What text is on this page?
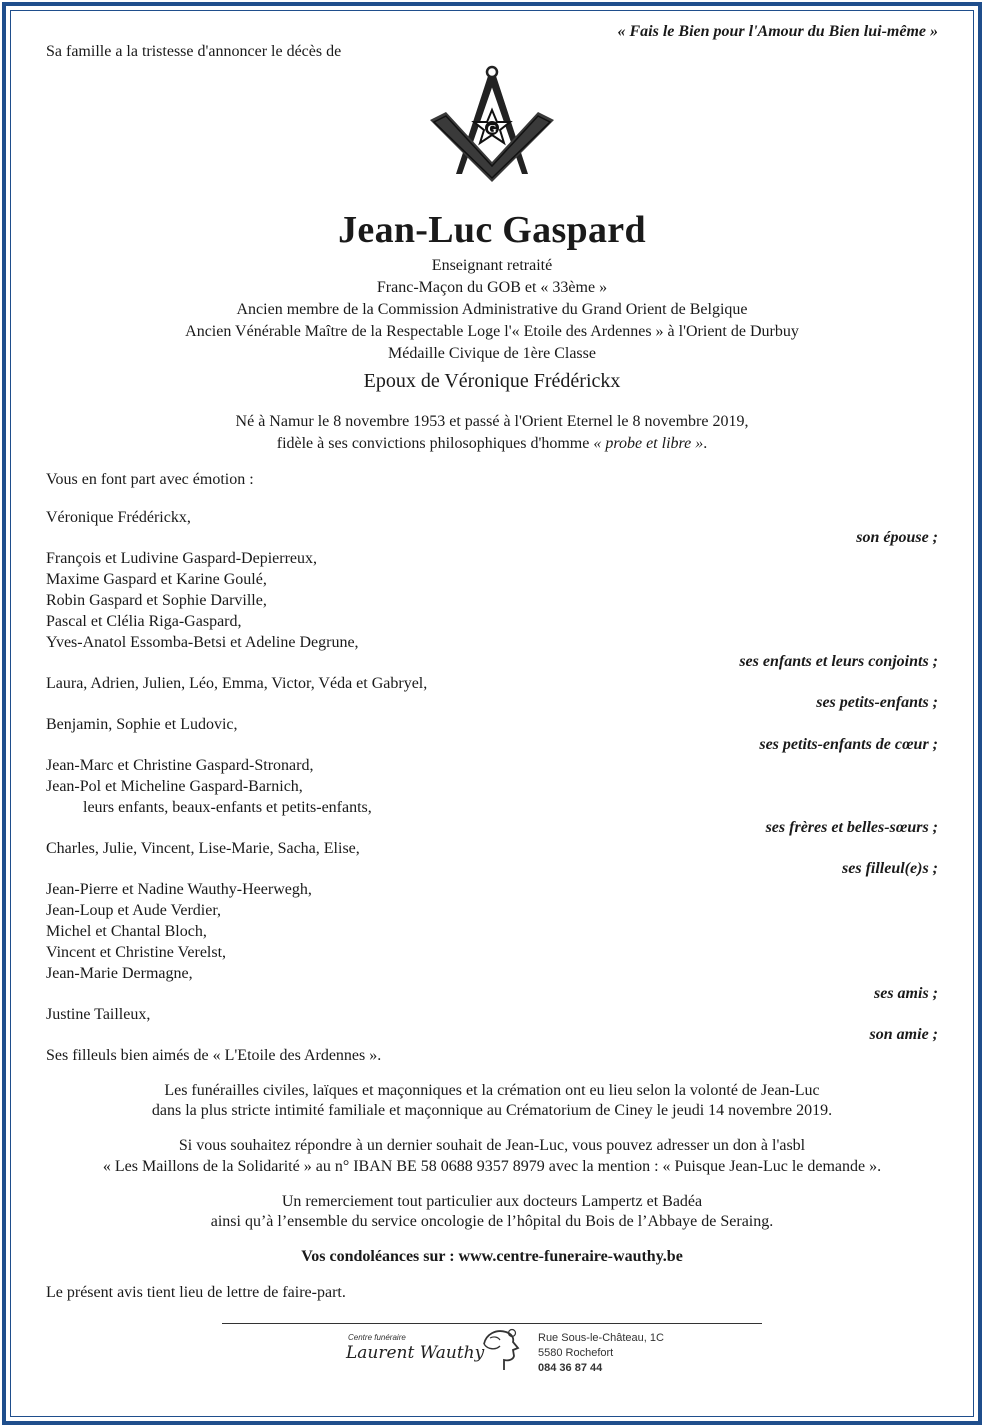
Sa famille a la tristesse d'annoncer le décès de
« Fais le Bien pour l'Amour du Bien lui-même »
G
Jean-Luc Gaspard
Enseignant retraité
Franc-Maçon du GOB et « 33ème »
Ancien membre de la Commission Administrative du Grand Orient de Belgique
Ancien Vénérable Maître de la Respectable Loge l'« Etoile des Ardennes » à l'Orient de Durbuy
Médaille Civique de 1ère Classe
Epoux de Véronique Frédérickx
Né à Namur le 8 novembre 1953 et passé à l'Orient Eternel le 8 novembre 2019,
fidèle à ses convictions philosophiques d'homme « probe et libre ».
Vous en font part avec émotion :
Véronique Frédérickx,
son épouse ;
François et Ludivine Gaspard-Depierreux,
Maxime Gaspard et Karine Goulé,
Robin Gaspard et Sophie Darville,
Pascal et Clélia Riga-Gaspard,
Yves-Anatol Essomba-Betsi et Adeline Degrune,
ses enfants et leurs conjoints ;
Laura, Adrien, Julien, Léo, Emma, Victor, Véda et Gabryel,
ses petits-enfants ;
Benjamin, Sophie et Ludovic,
ses petits-enfants de cœur ;
Jean-Marc et Christine Gaspard-Stronard,
Jean-Pol et Micheline Gaspard-Barnich,
leurs enfants, beaux-enfants et petits-enfants,
ses frères et belles-sœurs ;
Charles, Julie, Vincent, Lise-Marie, Sacha, Elise,
ses filleul(e)s ;
Jean-Pierre et Nadine Wauthy-Heerwegh,
Jean-Loup et Aude Verdier,
Michel et Chantal Bloch,
Vincent et Christine Verelst,
Jean-Marie Dermagne,
ses amis ;
Justine Tailleux,
son amie ;
Ses filleuls bien aimés de « L'Etoile des Ardennes ».
Les funérailles civiles, laïques et maçonniques et la crémation ont eu lieu selon la volonté de Jean-Luc
dans la plus stricte intimité familiale et maçonnique au Crématorium de Ciney le jeudi 14 novembre 2019.
Si vous souhaitez répondre à un dernier souhait de Jean-Luc, vous pouvez adresser un don à l'asbl
« Les Maillons de la Solidarité » au n° IBAN BE 58 0688 9357 8979 avec la mention : « Puisque Jean-Luc le demande ».
Un remerciement tout particulier aux docteurs Lampertz et Badéa
ainsi qu’à l’ensemble du service oncologie de l’hôpital du Bois de l’Abbaye de Seraing.
Vos condoléances sur : www.centre-funeraire-wauthy.be
Le présent avis tient lieu de lettre de faire-part.
Centre funéraire
Laurent Wauthy
Rue Sous-le-Château, 1C
5580 Rochefort
084 36 87 44
